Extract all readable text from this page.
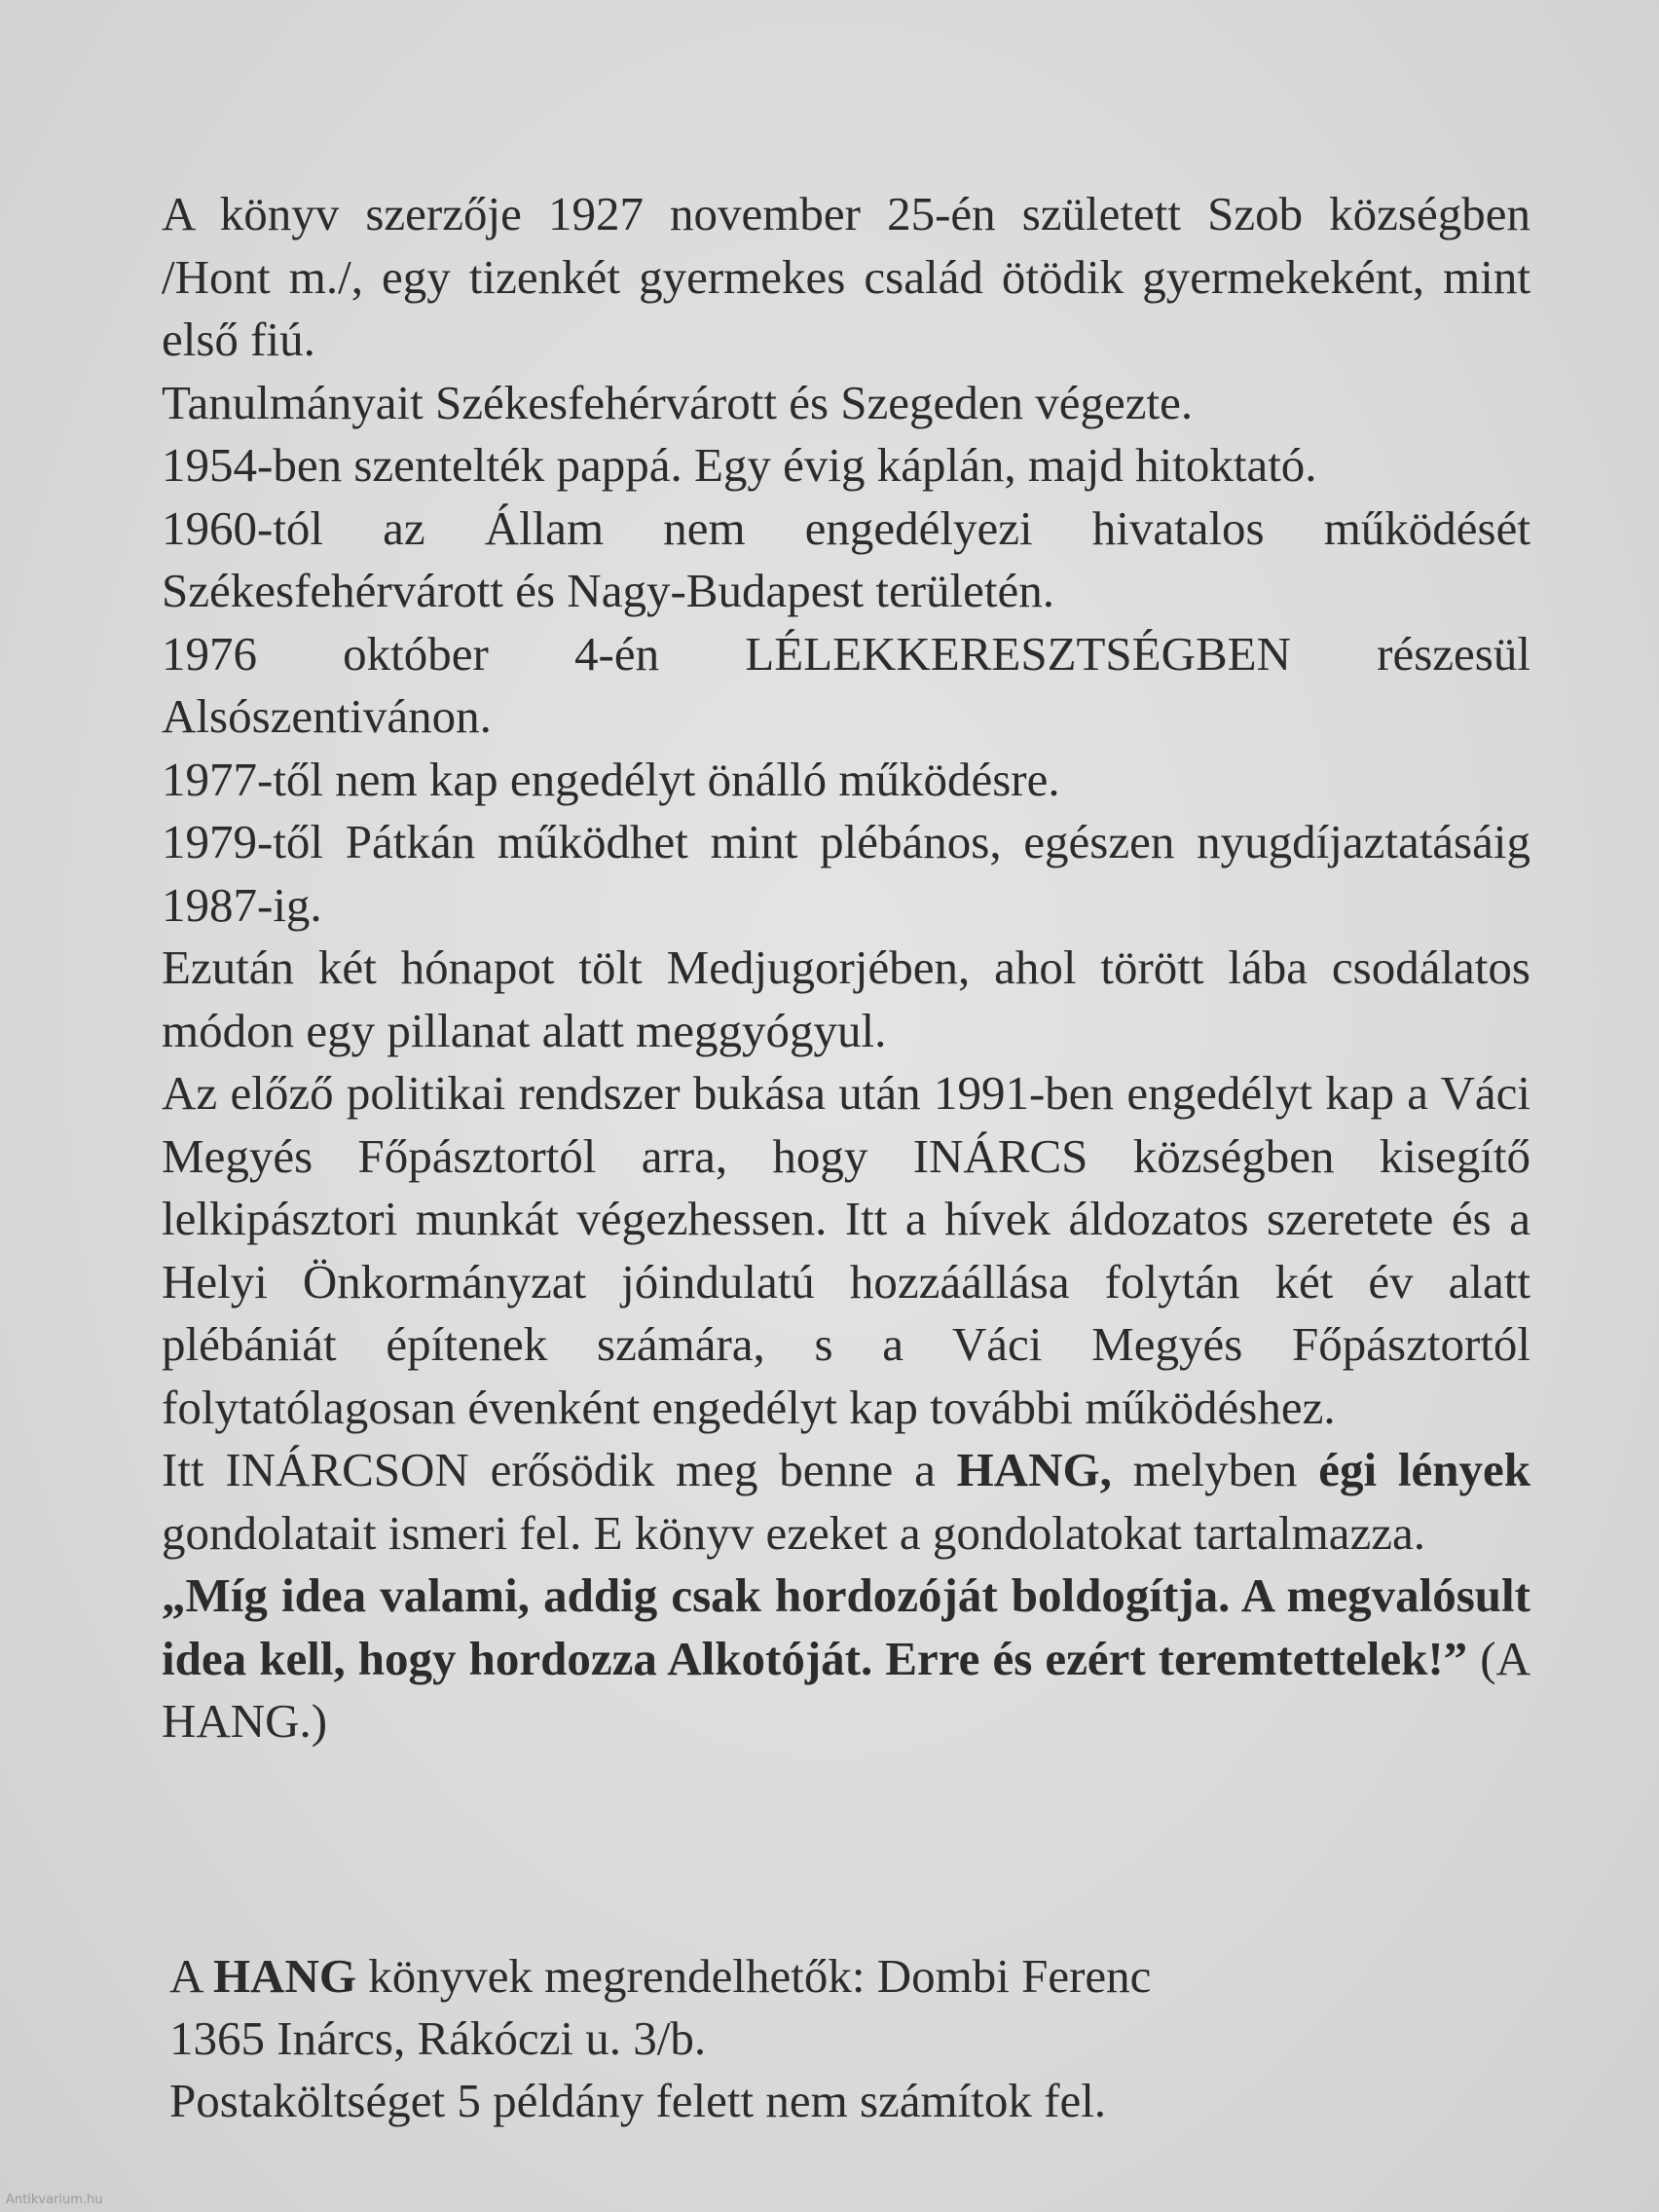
A könyv szerzője 1927 november 25-én született Szob községben /Hont m./, egy tizenkét gyermekes család ötödik gyermekeként, mint első fiú.

Tanulmányait Székesfehérvárott és Szegeden végezte.

1954-ben szentelték pappá. Egy évig káplán, majd hitoktató.

1960-tól az Állam nem engedélyezi hivatalos működését Székesfehérvárott és Nagy-Budapest területén.

1976 október 4-én LÉLEKKERESZTSÉGBEN részesül Alsószentivánon.

1977-től nem kap engedélyt önálló működésre.

1979-től Pátkán működhet mint plébános, egészen nyugdíjaztatásáig 1987-ig.

Ezután két hónapot tölt Medjugorjében, ahol törött lába csodálatos módon egy pillanat alatt meggyógyul.

Az előző politikai rendszer bukása után 1991-ben engedélyt kap a Váci Megyés Főpásztortól arra, hogy INÁRCS községben kisegítő lelkipásztori munkát végezhessen. Itt a hívek áldozatos szeretete és a Helyi Önkormányzat jóindulatú hozzáállása folytán két év alatt plébániát építenek számára, s a Váci Megyés Főpásztortól folytatólagosan évenként engedélyt kap további működéshez.

Itt INÁRCSON erősödik meg benne a HANG, melyben égi lények gondolatait ismeri fel. E könyv ezeket a gondolatokat tartalmazza.

„Míg idea valami, addig csak hordozóját boldogítja. A megvalósult idea kell, hogy hordozza Alkotóját. Erre és ezért teremtettelek!” (A HANG.)

A HANG könyvek megrendelhetők: Dombi Ferenc
1365 Inárcs, Rákóczi u. 3/b.
Postaköltséget 5 példány felett nem számítok fel.
Antikvarium.hu
